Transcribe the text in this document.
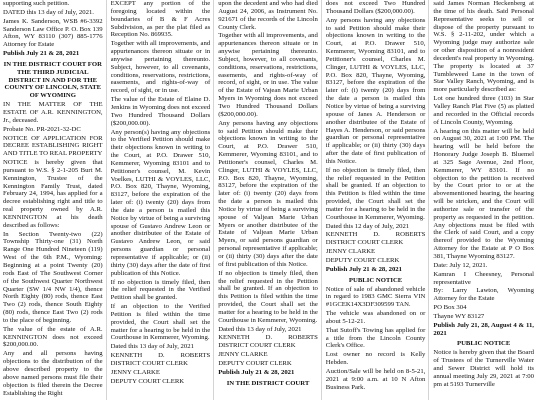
supporting such petition.

DATED this 13 day of July, 2021.

James K. Sanderson, WSB #6-3392 Sanderson Law Office P. O. Box 139 Afton, WY 83110 (307) 885-1776 Attorney for Estate

Publish July 21 & 28, 2021

IN THE DISTRICT COURT FOR THE THIRD JUDICIAL DISTRICT IN AND FOR THE COUNTY OF LINCOLN, STATE OF WYOMING

IN THE MATTER OF THE ESTATE OF A.R. KENNINGTON, Jr., deceased.

Probate No. PR-2021-32-DC

NOTICE OF APPLICATION FOR DECREE ESTABLISHING RIGHT AND TITLE TO REAL PROPERTY

NOTICE is hereby given that pursuant to W.S. § 2-1-205 Burt M. Kennington, Trustee of the Kennington Family Trust, dated February 24, 1994, has applied for a decree establishing right and title to real property owned by A.R. KENNINGTON at his death described as follows:

In Section Twenty-two (22) Township Thirty-one (31) North Range One Hundred Nineteen (119) West of the 6th P.M., Wyoming: Beginning at a point Twenty (20) rods East of The Southwest Corner of the Southwest Quarter Northwest Quarter (SW 1/4 NW 1/4), thence North Eighty (80) rods, thence East Two (2) rods, thence South Eighty (80) rods, thence East Two (2) rods to the place of beginning.

The value of the estate of A.R. KENNINGTON does not exceed $200,000.00.

Any and all persons having objections to the distribution of the above described property to the above named persons must file their objection is filed therein the Decree Establishing the Right

EXCEPT any portion of the foregoing located within the boundaries of B & F Acres Subdivision, as per the plat filed as Reception No. 869935.

Together with all improvements, and appurtenances thereon situate or in anywise pertaining thereunto. Subject, however, to all covenants, conditions, reservations, restrictions, easements, and rights-of-way of record, of sight, or in use.

The value of the Estate of Elaine D. Jenkins in Wyoming does not exceed Two Hundred Thousand Dollars ($200,000.00).

Any person(s) having any objections to the Verified Petition should make their objections known in writing to the Court, at P.O. Drawer 510, Kemmerer, Wyoming 83101 and to Petitioner's counsel, M. Kevin Voelkes, LUTHI & VOYLES, LLC, P.O. Box 820, Thayne, Wyoming, 83127, before the expiration of the later of: (i) twenty (20) days from the date a person is mailed this Notice by virtue of being a surviving spouse of Gustavo Andrew Leon or another distributee of the Estate of Gustavo Andrew Leon, or said persons guardian or personal representative if applicable; or (ii) thirty (30) days after the date of first publication of this Notice.

If no objection is timely filed, then the relief requested in the Verified Petition shall be granted.

If an objection to the Verified Petition is filed within the time provided, the Court shall set the matter for a hearing to be held in the Courthouse in Kemmerer, Wyoming.

Dated this 13 day of July, 2021

KENNETH D. ROBERTS DISTRICT COURT CLERK

JENNY CLARKE

DEPUTY COURT CLERK

upon the decedent and who had died August 24, 2006, as Instrument No. 921671 of the records of the Lincoln County Clerk.

Together with all improvements, and appurtenances thereon situate or in anywise pertaining thereunto. Subject, however, to all covenants, conditions, reservations, restrictions, easements, and rights-of-way of record, of sight, or in use. The value of the Estate of Vajean Marie Urban Myers in Wyoming does not exceed Two Hundred Thousand Dollars ($200,000.00).

Any persons having any objections to said Petition should make their objections known in writing to the Court, at P.O. Drawer 510, Kemmerer, Wyoming 83101, and to Petitioner's counsel, Charles M. Clinger, LUTHI & VOYLES, LLC, P.O. Box 820, Thayne, Wyoming, 83127, before the expiration of the later of: (i) twenty (20) days from the date a person is mailed this Notice by virtue of being a surviving spouse of Valjean Marie Urban Myers or another distributee of the Estate of Valjean Marie Urban Myers, or said persons guardian or personal representative if applicable; or (ii) thirty (30) days after the date of first publication of this Notice.

If no objection is timely filed, then the relief requested in the Petition shall be granted. If an objection to this Petition is filed within the time provided, the Court shall set the matter for a hearing to be held in the Courthouse in Kemmerer, Wyoming.

Dated this 13 day of July, 2021

KENNETH D. ROBERTS DISTRICT COURT CLERK

JENNY CLARKE

DEPUTY COURT CLERK

Publish July 21 & 28, 2021

IN THE DISTRICT COURT

does not exceed Two Hundred Thousand Dollars ($200,000.00).

Any persons having any objections to said Petition should make their objections known in writing to the Court, at P.O. Drawer 510, Kemmerer, Wyoming 83101, and to Petitioner's counsel, Charles M. Clinger, LUTHI & VOYLES, LLC, P.O. Box 820, Thayne, Wyoming, 83127, before the expiration of the later of: (i) twenty (20) days from the date a person is mailed this Notice by virtue of being a surviving spouse of Janes A. Henderson or another distributee of the Estate of Hayes A. Henderson, or said persons guardian or personal representative if applicable; or (ii) thirty (30) days after the date of first publication of this Notice.

If no objection is timely filed, then the relief requested in the Petition shall be granted. If an objection to this Petition is filed within the time provided, the Court shall set the matter for a hearing to be held in the Courthouse in Kemmerer, Wyoming.

Dated this 12 day of July, 2021

KENNETH D. ROBERTS DISTRICT COURT CLERK

JENNY CLARKE

DEPUTY COURT CLERK

Publish July 21 & 28, 2021

PUBLIC NOTICE

Notice of sale of abandoned vehicle in regard to 1983 GMC Sierra VIN #1GCEK14X3DF309599 TAN.

The vehicle was abandoned on or about 5-12-21.

That Sutoff's Towing has applied for a title from the Lincoln County Clerk's Office.

Lost owner no record is Kelly Hebden.

Auction/Sale will be held on 8-5-21, 2021 at 9:00 a.m. at 10 N Afton Business Park.

said James Norman Heckenberg at the time of his death. Said Personal Representative seeks to sell or dispose of the property pursuant to W.S. § 2-11-202, under which a Wyoming judge may authorize sale or other disposition of a nonresident decedent's real property in Wyoming. The property is located at 37 Tumbleweed Lane in the town of Star Valley Ranch, Wyoming, and is more particularly described as:

Lot one hundred three (103) in Star Valley Ranch Plat Five (5) as platted and recorded in the Official records of Lincoln County, Wyoming.

A hearing on this matter will be held on August 30, 2021 at 1:00 PM. The hearing will be held before the Honorary Judge Joseph B. Bluemel at 325 Sage Avenue, 2nd Floor, Kemmerer, WY 83101. If no objection to the petition is received by the Court prior to or at the abovementioned hearing, the hearing will be stricken, and the Court will authorize sale or transfer of the property as requested in the petition. Any objections must be filed with the Clerk of said Court, and a copy thereof provided to the Wyoming Attorney for the Estate at P O Box 381, Thayne Wyoming 83127.

Date: July 12, 2021.

Kamran I Cheesney, Personal representative

By: Larry Lawton, Wyoming Attorney for the Estate

PO Box 304

Thayne WY 83127

Publish July 21, 28, August 4 & 11, 2021

PUBLIC NOTICE

Notice is hereby given that the Board of Trustees of the Turnerville Water and Sewer District will hold its annual meeting July 29, 2021 at 7:00 pm at 5193 Turnerville
